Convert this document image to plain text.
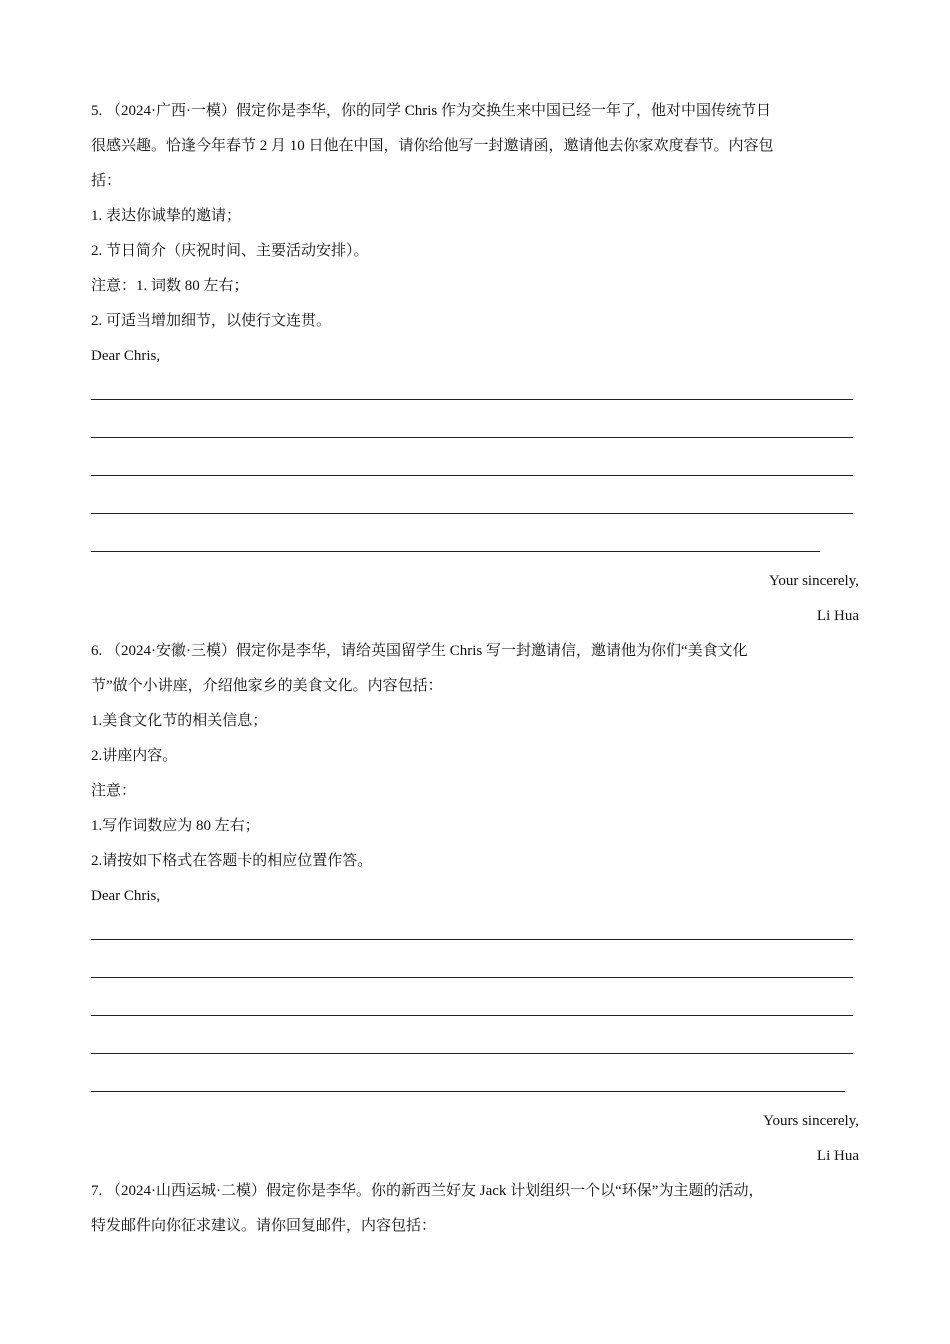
5. （2024·广西·一模）假定你是李华，你的同学 Chris 作为交换生来中国已经一年了，他对中国传统节日
很感兴趣。恰逢今年春节 2 月 10 日他在中国，请你给他写一封邀请函，邀请他去你家欢度春节。内容包
括：
1. 表达你诚挚的邀请；
2. 节日简介（庆祝时间、主要活动安排）。
注意：1. 词数 80 左右；
2. 可适当增加细节，以使行文连贯。
Dear Chris,
Your sincerely,
Li Hua
6. （2024·安徽·三模）假定你是李华，请给英国留学生 Chris 写一封邀请信，邀请他为你们“美食文化
节”做个小讲座，介绍他家乡的美食文化。内容包括：
1.美食文化节的相关信息；
2.讲座内容。
注意：
1.写作词数应为 80 左右；
2.请按如下格式在答题卡的相应位置作答。
Dear Chris,
Yours sincerely,
Li Hua
7. （2024·山西运城·二模）假定你是李华。你的新西兰好友 Jack 计划组织一个以“环保”为主题的活动，
特发邮件向你征求建议。请你回复邮件，内容包括：
